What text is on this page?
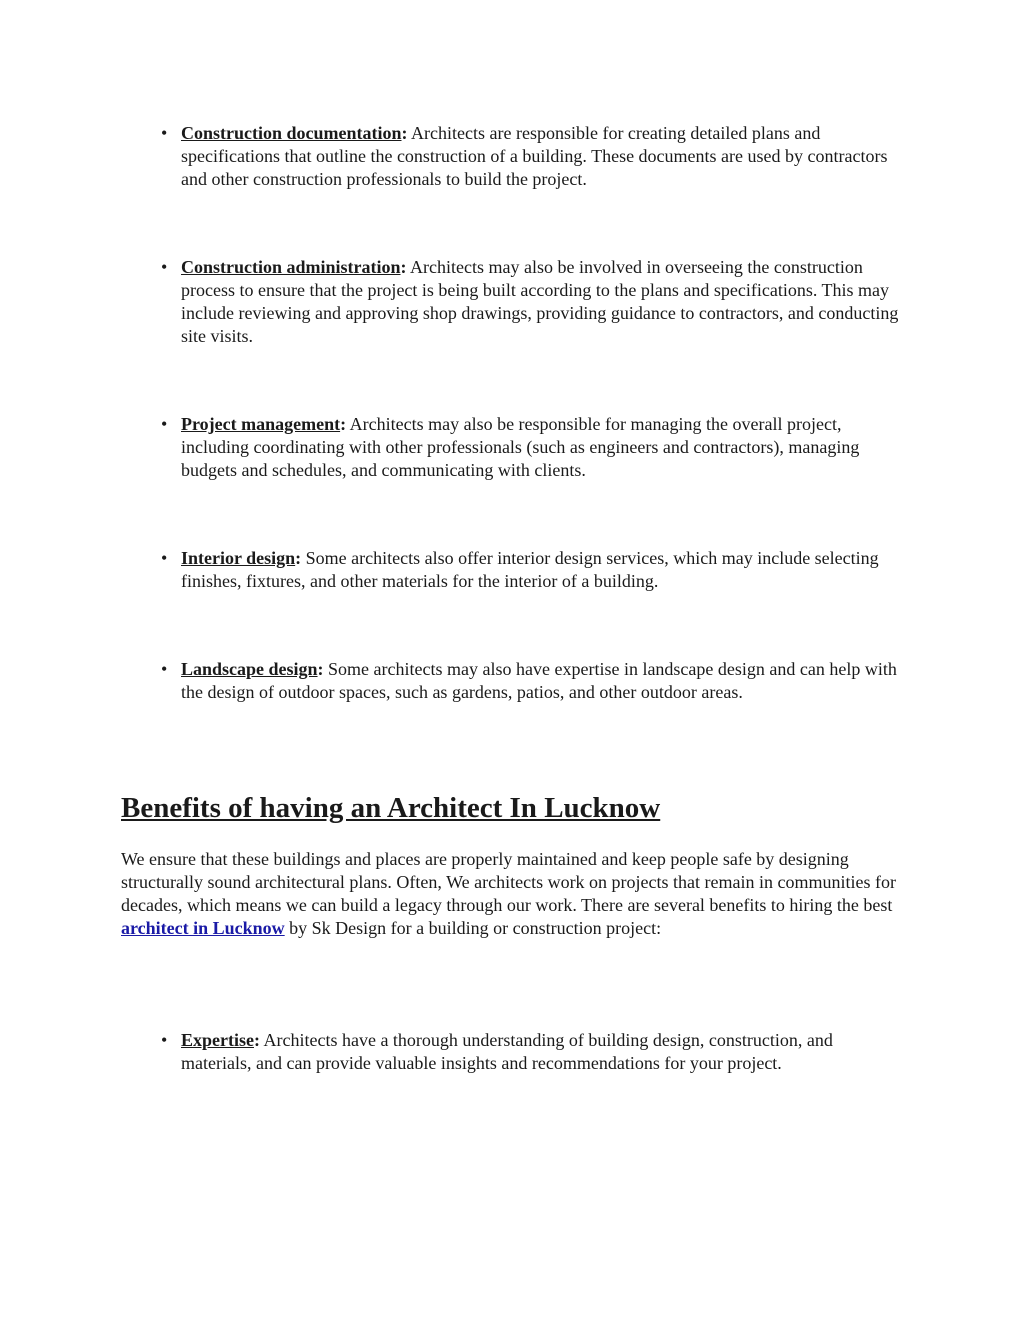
• Construction documentation: Architects are responsible for creating detailed plans and specifications that outline the construction of a building. These documents are used by contractors and other construction professionals to build the project.
• Construction administration: Architects may also be involved in overseeing the construction process to ensure that the project is being built according to the plans and specifications. This may include reviewing and approving shop drawings, providing guidance to contractors, and conducting site visits.
• Project management: Architects may also be responsible for managing the overall project, including coordinating with other professionals (such as engineers and contractors), managing budgets and schedules, and communicating with clients.
• Interior design: Some architects also offer interior design services, which may include selecting finishes, fixtures, and other materials for the interior of a building.
• Landscape design: Some architects may also have expertise in landscape design and can help with the design of outdoor spaces, such as gardens, patios, and other outdoor areas.
Benefits of having an Architect In Lucknow

We ensure that these buildings and places are properly maintained and keep people safe by designing structurally sound architectural plans. Often, We architects work on projects that remain in communities for decades, which means we can build a legacy through our work. There are several benefits to hiring the best architect in Lucknow by Sk Design for a building or construction project:

• Expertise: Architects have a thorough understanding of building design, construction, and materials, and can provide valuable insights and recommendations for your project.
